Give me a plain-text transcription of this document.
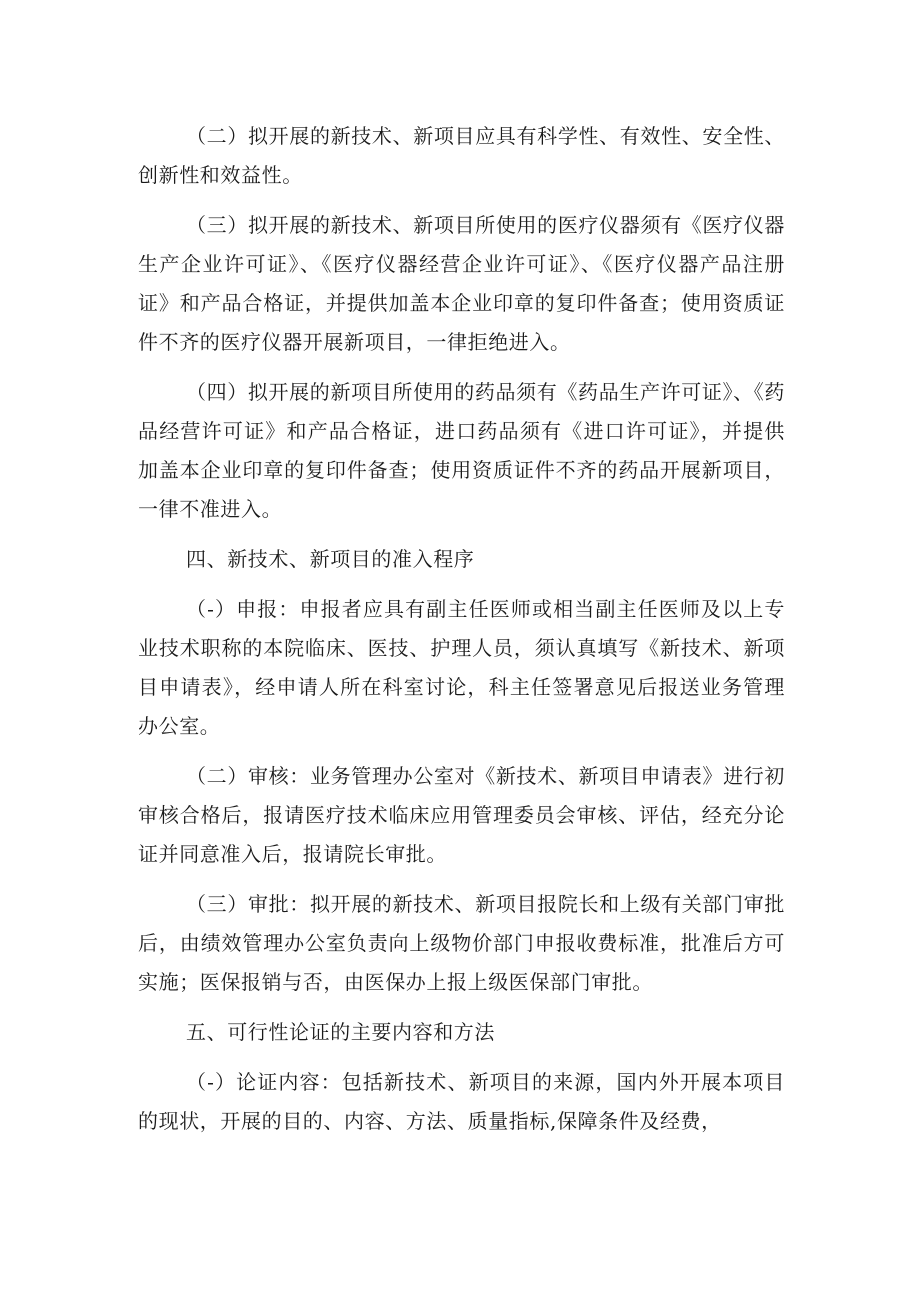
（二）拟开展的新技术、新项目应具有科学性、有效性、安全性、创新性和效益性。

（三）拟开展的新技术、新项目所使用的医疗仪器须有《医疗仪器生产企业许可证》、《医疗仪器经营企业许可证》、《医疗仪器产品注册证》和产品合格证，并提供加盖本企业印章的复印件备查；使用资质证件不齐的医疗仪器开展新项目，一律拒绝进入。

（四）拟开展的新项目所使用的药品须有《药品生产许可证》、《药品经营许可证》和产品合格证，进口药品须有《进口许可证》，并提供加盖本企业印章的复印件备查；使用资质证件不齐的药品开展新项目，一律不准进入。

四、新技术、新项目的准入程序

（-）申报：申报者应具有副主任医师或相当副主任医师及以上专业技术职称的本院临床、医技、护理人员，须认真填写《新技术、新项目申请表》，经申请人所在科室讨论，科主任签署意见后报送业务管理办公室。

（二）审核：业务管理办公室对《新技术、新项目申请表》进行初审核合格后，报请医疗技术临床应用管理委员会审核、评估，经充分论证并同意准入后，报请院长审批。

（三）审批：拟开展的新技术、新项目报院长和上级有关部门审批后，由绩效管理办公室负责向上级物价部门申报收费标准，批准后方可实施；医保报销与否，由医保办上报上级医保部门审批。

五、可行性论证的主要内容和方法

（-）论证内容：包括新技术、新项目的来源，国内外开展本项目的现状，开展的目的、内容、方法、质量指标,保障条件及经费，
